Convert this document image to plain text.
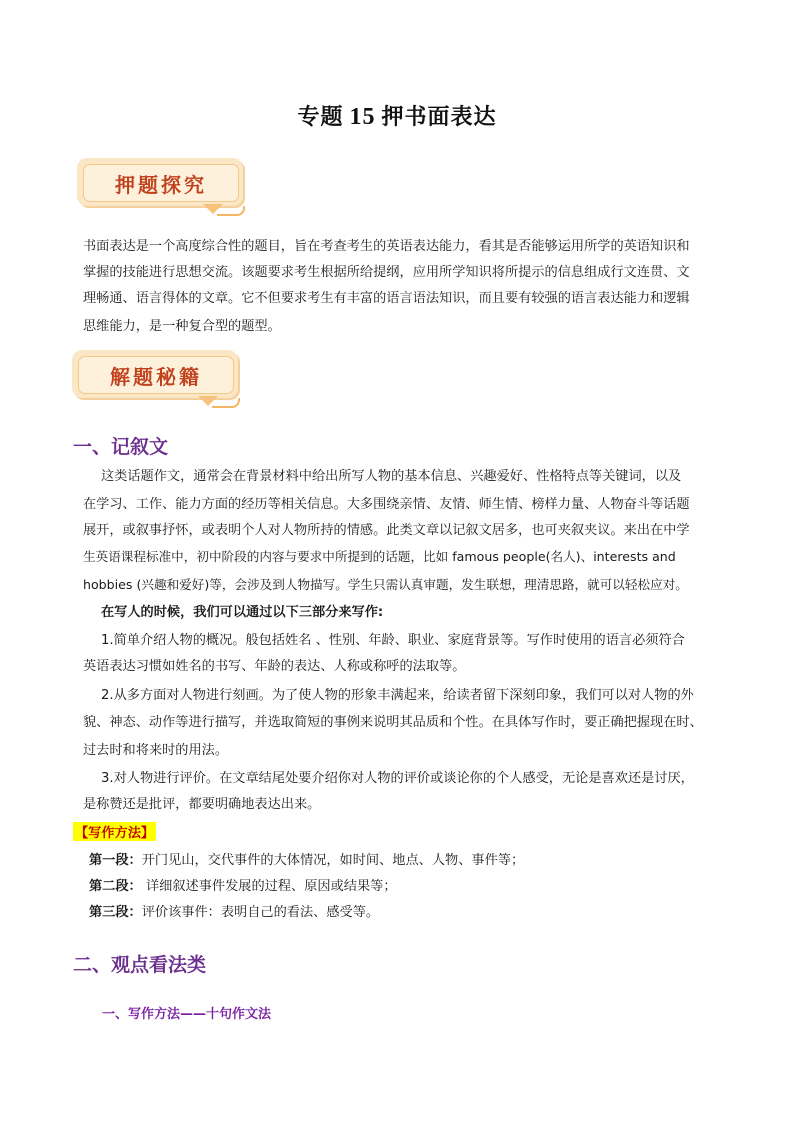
专题 15 押书面表达
押题探究
书面表达是一个高度综合性的题目，旨在考查考生的英语表达能力，看其是否能够运用所学的英语知识和
掌握的技能进行思想交流。该题要求考生根据所给提纲，应用所学知识将所提示的信息组成行文连贯、文
理畅通、语言得体的文章。它不但要求考生有丰富的语言语法知识，而且要有较强的语言表达能力和逻辑
思维能力，是一种复合型的题型。
解题秘籍
一、记叙文
这类话题作文，通常会在背景材料中给出所写人物的基本信息、兴趣爱好、性格特点等关键词，以及
在学习、工作、能力方面的经历等相关信息。大多围绕亲情、友情、师生情、榜样力量、人物奋斗等话题
展开，或叙事抒怀，或表明个人对人物所持的情感。此类文章以记叙文居多，也可夹叙夹议。来出在中学
生英语课程标准中，初中阶段的内容与要求中所提到的话题，比如 famous people(名人)、interests and
hobbies (兴趣和爱好)等，会涉及到人物描写。学生只需认真审题，发生联想，理清思路，就可以轻松应对。
在写人的时候，我们可以通过以下三部分来写作:
1.简单介绍人物的概况。般包括姓名 、性别、年龄、职业、家庭背景等。写作时使用的语言必须符合
英语表达习惯如姓名的书写、年龄的表达、人称或称呼的法取等。
2.从多方面对人物进行刻画。为了使人物的形象丰满起来，给读者留下深刻印象，我们可以对人物的外
貌、神态、动作等进行描写，并选取简短的事例来说明其品质和个性。在具体写作时，要正确把握现在时、
过去时和将来时的用法。
3.对人物进行评价。在文章结尾处要介绍你对人物的评价或谈论你的个人感受，无论是喜欢还是讨厌，
是称赞还是批评，都要明确地表达出来。
【写作方法】
第一段：开门见山，交代事件的大体情况，如时间、地点、人物、事件等；
第二段： 详细叙述事件发展的过程、原因或结果等；
第三段：评价该事件：表明自己的看法、感受等。
二、观点看法类
一、写作方法——十句作文法
